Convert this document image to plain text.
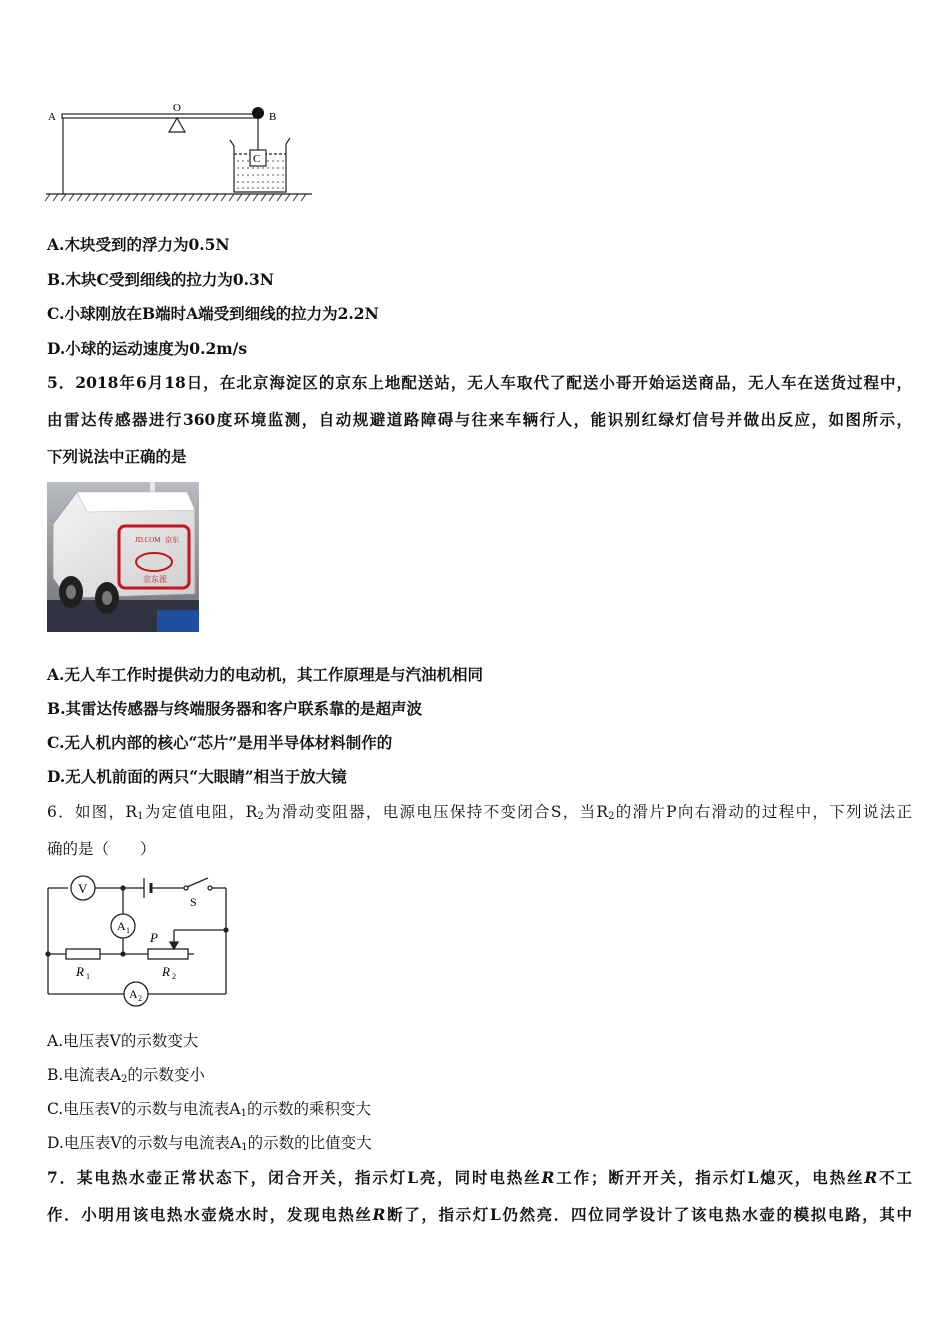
A
O
B
C
A.木块受到的浮力为0.5N
B.木块C受到细线的拉力为0.3N
C.小球刚放在B端时A端受到细线的拉力为2.2N
D.小球的运动速度为0.2m/s
5．2018年6月18日，在北京海淀区的京东上地配送站，无人车取代了配送小哥开始运送商品，无人车在送货过程中，
由雷达传感器进行360度环境监测，自动规避道路障碍与往来车辆行人，能识别红绿灯信号并做出反应，如图所示，
下列说法中正确的是
JD.COM 京东
京东派
A.无人车工作时提供动力的电动机，其工作原理是与汽油机相同
B.其雷达传感器与终端服务器和客户联系靠的是超声波
C.无人机内部的核心“芯片”是用半导体材料制作的
D.无人机前面的两只“大眼睛”相当于放大镜
6．如图，$R_1$为定值电阻，$R_2$为滑动变阻器，电源电压保持不变闭合S，当$R_2$的滑片P向右滑动的过程中，下列说法正
确的是（　　）
V
A 1
A 2
S
P
R 1	R 2
A.电压表V的示数变大
B.电流表$A_2$的示数变小
C.电压表V的示数与电流表$A_1$的示数的乘积变大
D.电压表V的示数与电流表$A_1$的示数的比值变大
7．某电热水壶正常状态下，闭合开关，指示灯L亮，同时电热丝R工作；断开开关，指示灯L熄灭，电热丝R不工
作．小明用该电热水壶烧水时，发现电热丝R断了，指示灯L仍然亮．四位同学设计了该电热水壶的模拟电路，其中
